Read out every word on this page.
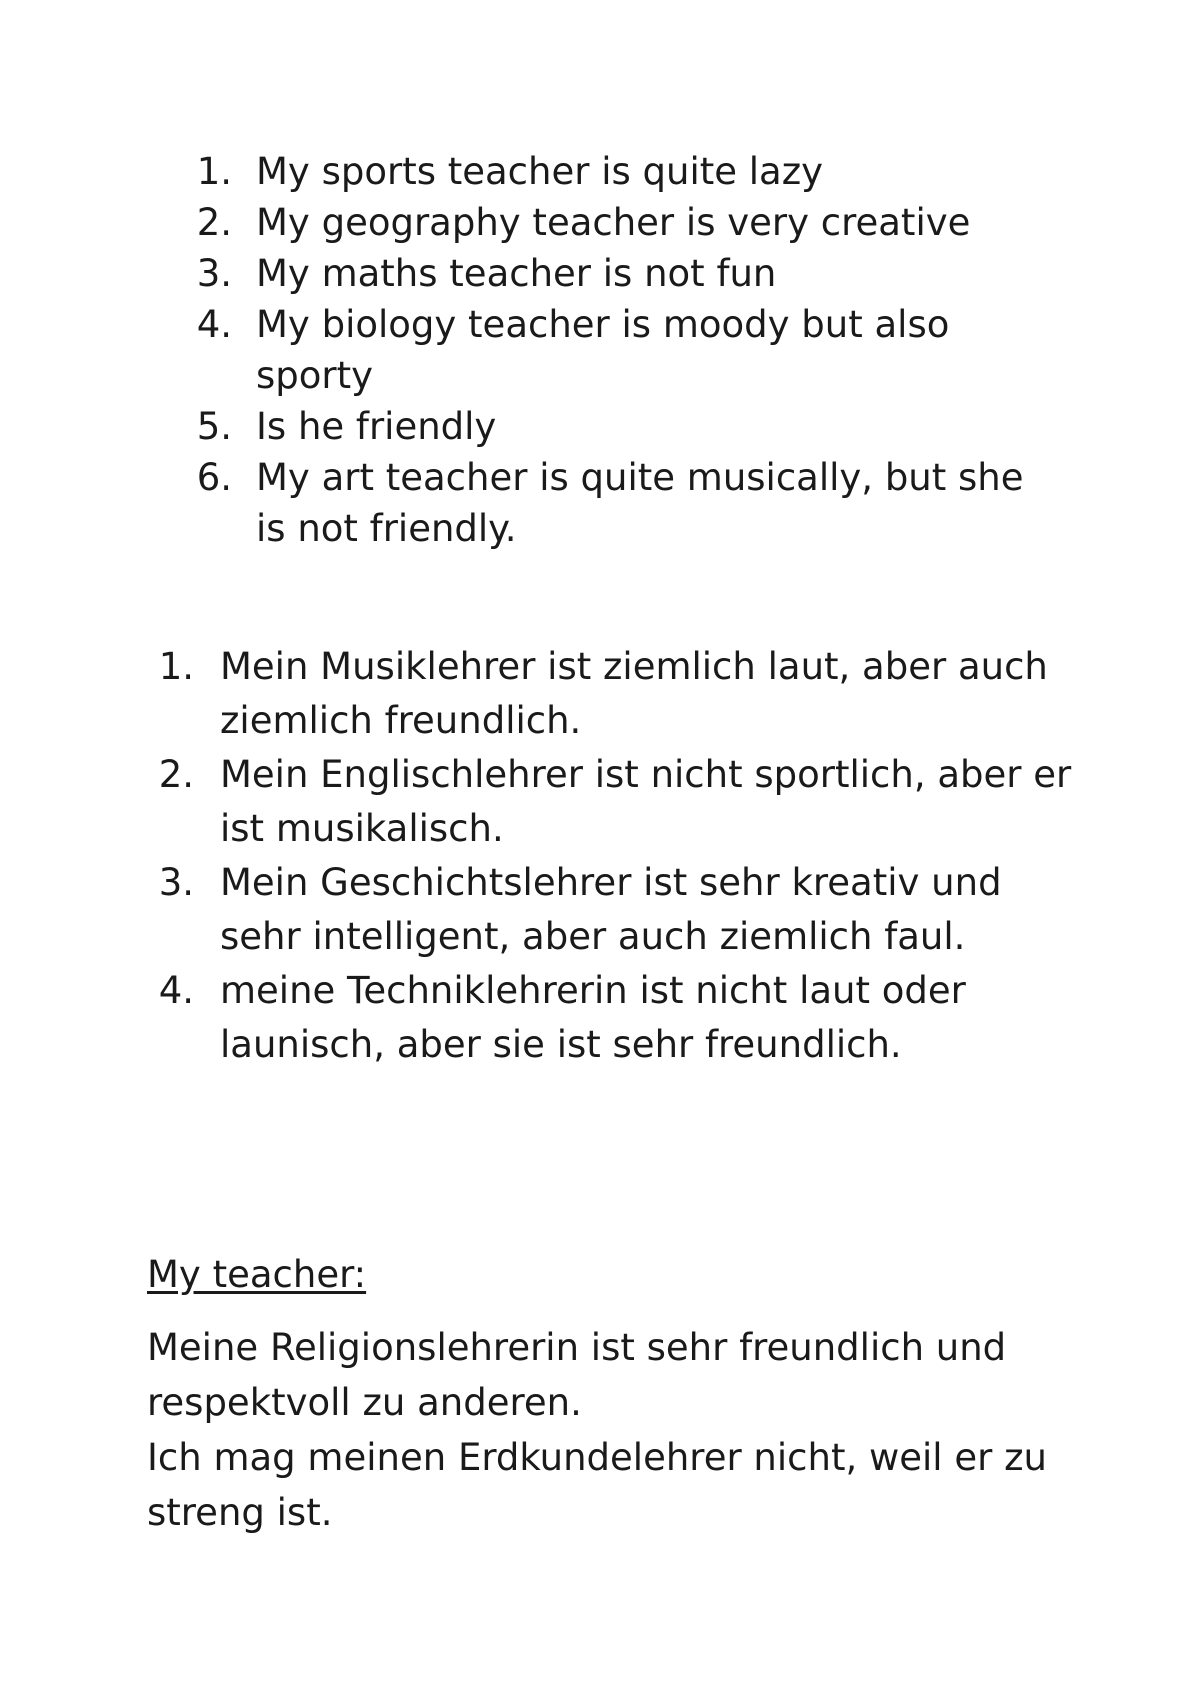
1. My sports teacher is quite lazy
2. My geography teacher is very creative
3. My maths teacher is not fun
4. My biology teacher is moody but also sporty
5. Is he friendly
6. My art teacher is quite musically, but she is not friendly.
1. Mein Musiklehrer ist ziemlich laut, aber auch ziemlich freundlich.
2. Mein Englischlehrer ist nicht sportlich, aber er ist musikalisch.
3. Mein Geschichtslehrer ist sehr kreativ und sehr intelligent, aber auch ziemlich faul.
4. meine Techniklehrerin ist nicht laut oder launisch, aber sie ist sehr freundlich.
My teacher:

Meine Religionslehrerin ist sehr freundlich und respektvoll zu anderen.
Ich mag meinen Erdkundelehrer nicht, weil er zu streng ist.
